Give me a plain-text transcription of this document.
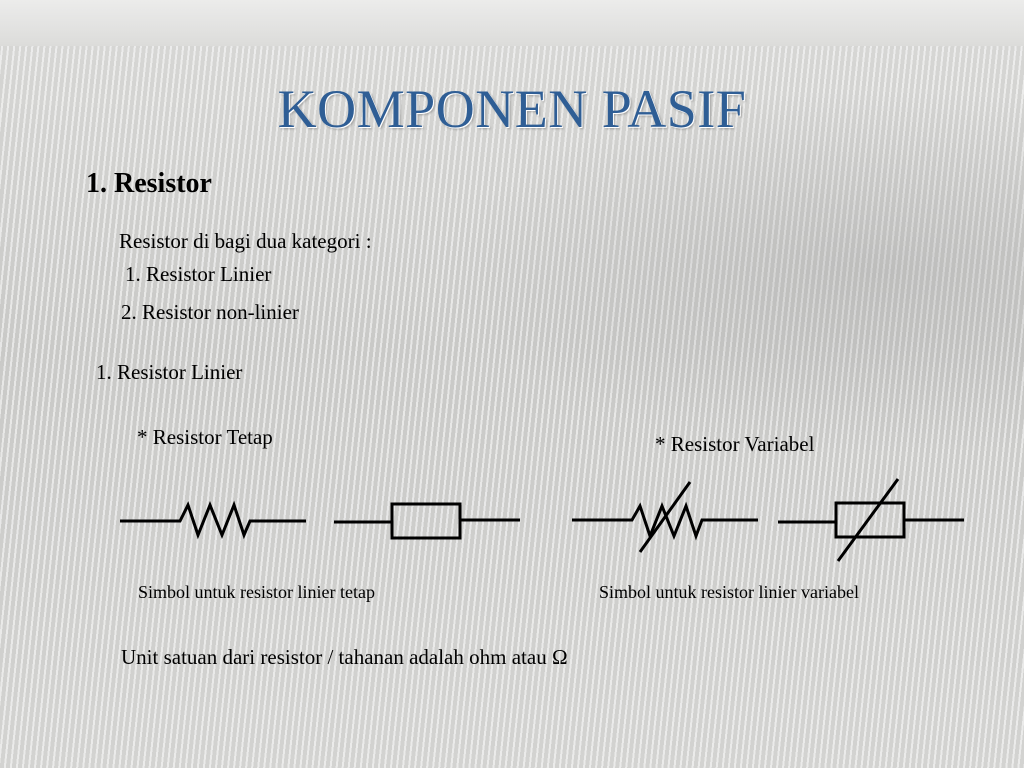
KOMPONEN PASIF
1. Resistor
Resistor di bagi dua kategori :
1. Resistor Linier
2. Resistor non-linier
1. Resistor Linier
* Resistor Tetap	* Resistor Variabel
Simbol untuk resistor linier tetap	Simbol untuk resistor linier variabel
Unit satuan dari resistor / tahanan adalah ohm atau Ω
